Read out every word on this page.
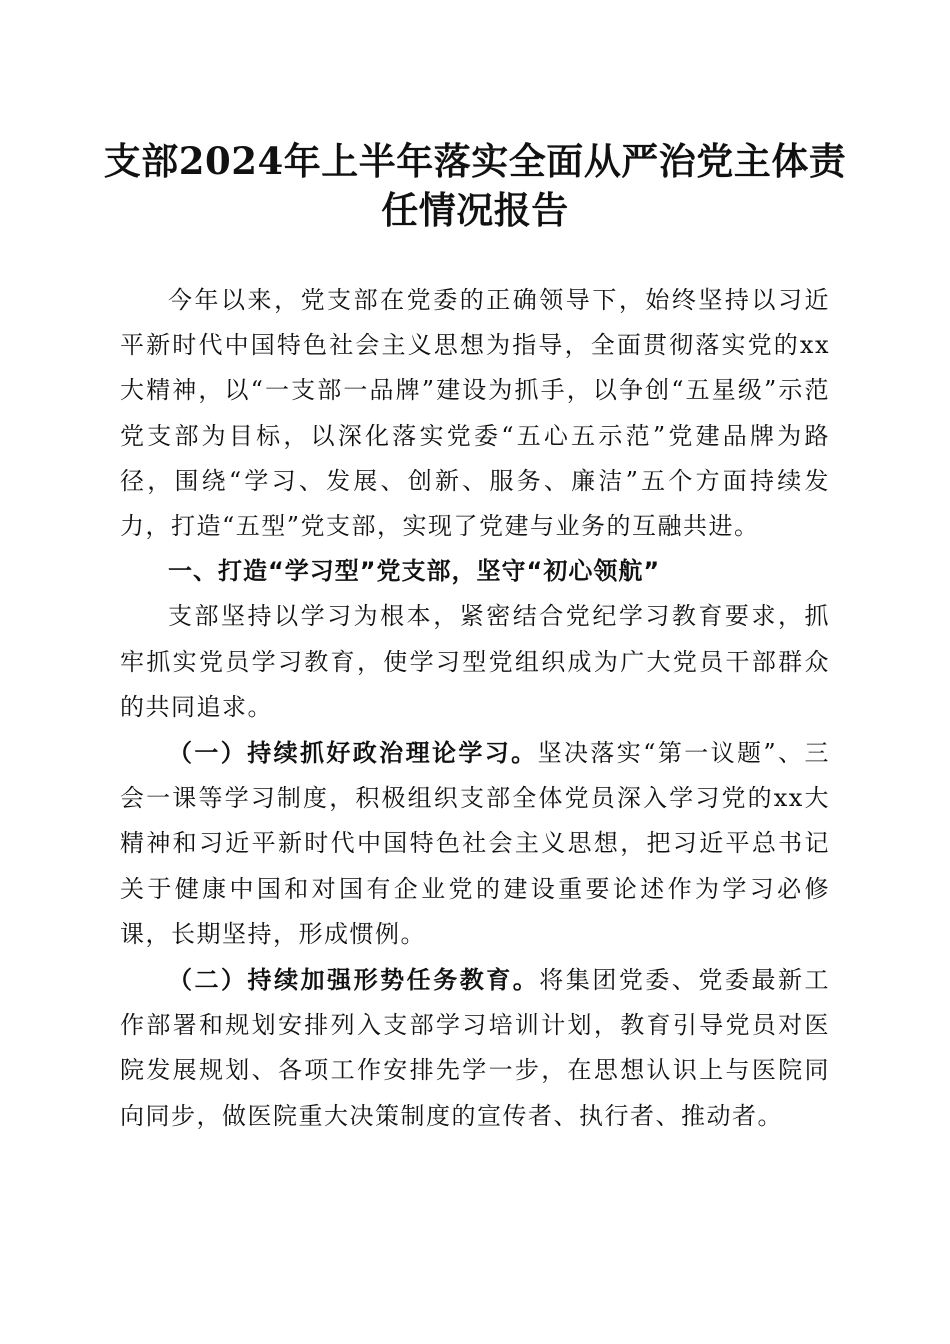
支部2024年上半年落实全面从严治党主体责
任情况报告

今年以来，党支部在党委的正确领导下，始终坚持以习近平新时代中国特色社会主义思想为指导，全面贯彻落实党的xx大精神，以“一支部一品牌”建设为抓手，以争创“五星级”示范党支部为目标，以深化落实党委“五心五示范”党建品牌为路径，围绕“学习、发展、创新、服务、廉洁”五个方面持续发力，打造“五型”党支部，实现了党建与业务的互融共进。

一、打造“学习型”党支部，坚守“初心领航”

支部坚持以学习为根本，紧密结合党纪学习教育要求，抓牢抓实党员学习教育，使学习型党组织成为广大党员干部群众的共同追求。

（一）持续抓好政治理论学习。坚决落实“第一议题”、三会一课等学习制度，积极组织支部全体党员深入学习党的xx大精神和习近平新时代中国特色社会主义思想，把习近平总书记关于健康中国和对国有企业党的建设重要论述作为学习必修课，长期坚持，形成惯例。

（二）持续加强形势任务教育。将集团党委、党委最新工作部署和规划安排列入支部学习培训计划，教育引导党员对医院发展规划、各项工作安排先学一步，在思想认识上与医院同向同步，做医院重大决策制度的宣传者、执行者、推动者。
